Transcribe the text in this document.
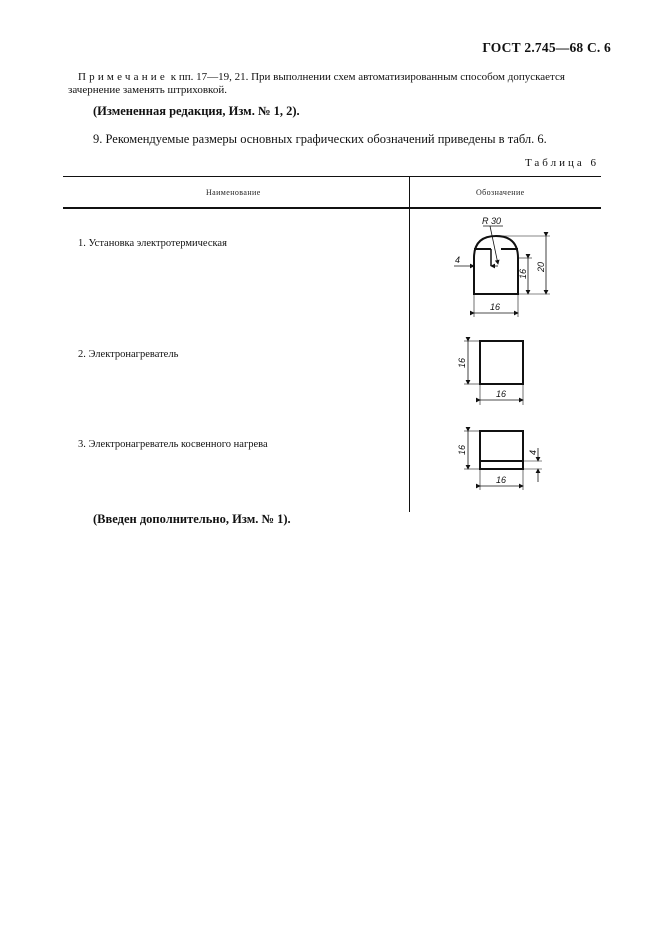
ГОСТ 2.745—68 С. 6
Примечание к пп. 17—19, 21. При выполнении схем автоматизированным способом допускается
зачернение заменять штриховкой.
(Измененная редакция, Изм. № 1, 2).
9. Рекомендуемые размеры основных графических обозначений приведены в табл. 6.
Таблица 6
Наименование	Обозначение
1. Установка электротермическая
2. Электронагреватель
3. Электронагреватель косвенного нагрева
R 30
4
16
20
16
16
16
16	4
16
(Введен дополнительно, Изм. № 1).
